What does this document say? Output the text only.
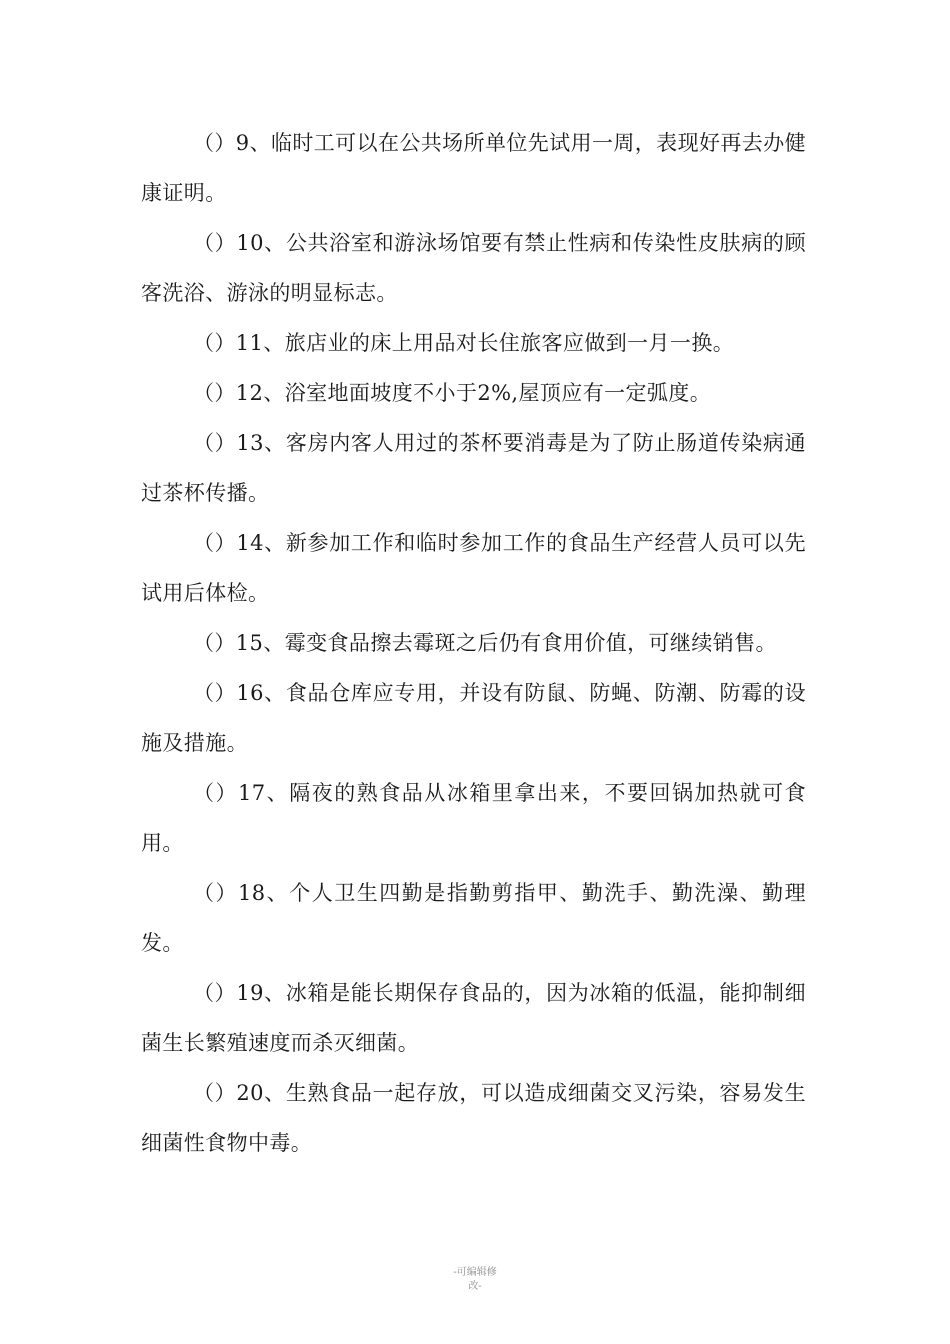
（）9、临时工可以在公共场所单位先试用一周，表现好再去办健康证明。

（）10、公共浴室和游泳场馆要有禁止性病和传染性皮肤病的顾客洗浴、游泳的明显标志。

（）11、旅店业的床上用品对长住旅客应做到一月一换。

（）12、浴室地面坡度不小于2%,屋顶应有一定弧度。

（）13、客房内客人用过的茶杯要消毒是为了防止肠道传染病通过茶杯传播。

（）14、新参加工作和临时参加工作的食品生产经营人员可以先试用后体检。

（）15、霉变食品擦去霉斑之后仍有食用价值，可继续销售。

（）16、食品仓库应专用，并设有防鼠、防蝇、防潮、防霉的设施及措施。

（）17、隔夜的熟食品从冰箱里拿出来，不要回锅加热就可食用。

（）18、个人卫生四勤是指勤剪指甲、勤洗手、勤洗澡、勤理发。

（）19、冰箱是能长期保存食品的，因为冰箱的低温，能抑制细菌生长繁殖速度而杀灭细菌。

（）20、生熟食品一起存放，可以造成细菌交叉污染，容易发生细菌性食物中毒。

-可编辑修
改-
